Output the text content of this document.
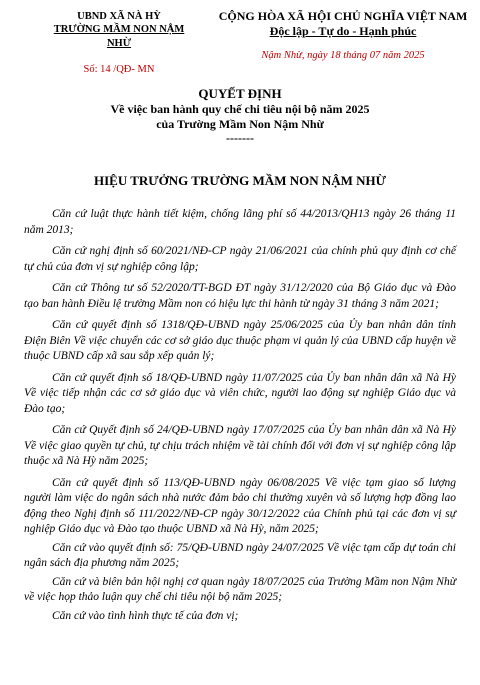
UBND XÃ NÀ HỲ
TRƯỜNG MẦM NON NẬM NHỪ
Số: 14 /QĐ- MN
CỘNG HÒA XÃ HỘI CHỦ NGHĨA VIỆT NAM
Độc lập - Tự do - Hạnh phúc
Nậm Nhừ, ngày 18 tháng 07 năm 2025
QUYẾT ĐỊNH
Về việc ban hành quy chế chi tiêu nội bộ năm 2025
của Trường Mầm Non Nậm Nhừ
-------
HIỆU TRƯỞNG TRƯỜNG MẦM NON NẬM NHỪ

Căn cứ luật thực hành tiết kiệm, chống lãng phí số 44/2013/QH13 ngày 26 tháng 11 năm 2013;

Căn cứ nghị định số 60/2021/NĐ-CP ngày 21/06/2021 của chính phủ quy định cơ chế tự chủ của đơn vị sự nghiệp công lập;

Căn cứ Thông tư số 52/2020/TT-BGD ĐT ngày 31/12/2020 của Bộ Giáo dục và Đào tạo ban hành Điều lệ trường Mầm non có hiệu lực thi hành từ ngày 31 tháng 3 năm 2021;

Căn cứ quyết định số 1318/QĐ-UBND ngày 25/06/2025 của Ủy ban nhân dân tỉnh Điện Biên Về việc chuyển các cơ sở giáo dục thuộc phạm vi quản lý của UBND cấp huyện về thuộc UBND cấp xã sau sắp xếp quản lý;

Căn cứ quyết định số 18/QĐ-UBND ngày 11/07/2025 của Ủy ban nhân dân xã Nà Hỳ Về việc tiếp nhận các cơ sở giáo dục và viên chức, người lao động sự nghiệp Giáo dục và Đào tạo;

Căn cứ Quyết định số 24/QĐ-UBND ngày 17/07/2025 của Ủy ban nhân dân xã Nà Hỳ Về việc giao quyền tự chủ, tự chịu trách nhiệm về tài chính đối với đơn vị sự nghiệp công lập thuộc xã Nà Hỳ năm 2025;

Căn cứ quyết định số 113/QĐ-UBND ngày 06/08/2025 Về việc tạm giao số lượng người làm việc do ngân sách nhà nước đảm bảo chi thường xuyên và số lượng hợp đồng lao động theo Nghị định số 111/2022/NĐ-CP ngày 30/12/2022 của Chính phủ tại các đơn vị sự nghiệp Giáo dục và Đào tạo thuộc UBND xã Nà Hỳ, năm 2025;

Căn cứ vào quyết định số: 75/QĐ-UBND ngày 24/07/2025 Về việc tạm cấp dự toán chi ngân sách địa phương năm 2025;

Căn cứ và biên bản hội nghị cơ quan ngày 18/07/2025 của Trường Mầm non Nậm Nhừ về việc họp thảo luận quy chế chi tiêu nội bộ năm 2025;

Căn cứ vào tình hình thực tế của đơn vị;
